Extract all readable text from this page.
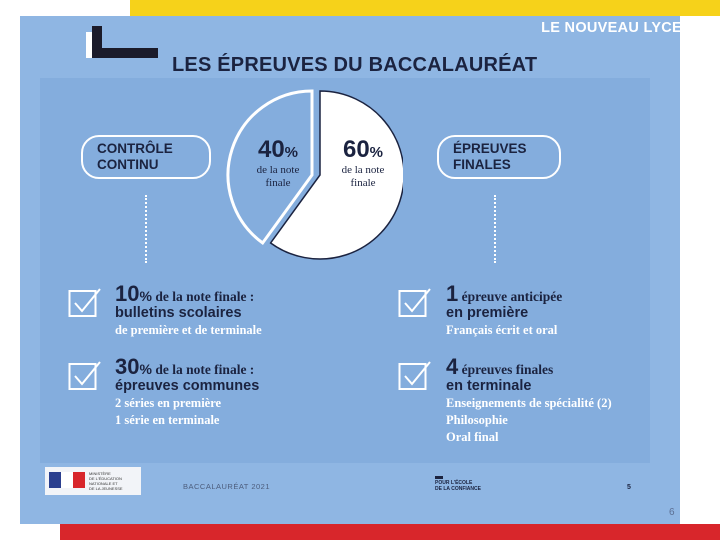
LE NOUVEAU LYCEE
LES ÉPREUVES DU BACCALAURÉAT
CONTRÔLE
CONTINU
ÉPREUVES
FINALES
40%
de la note
finale
60%
de la note
finale
10% de la note finale :
bulletins scolaires
de première et de terminale
30% de la note finale :
épreuves communes
2 séries en première
1 série en terminale
1 épreuve anticipée
en première
Français écrit et oral
4 épreuves finales
en terminale
Enseignements de spécialité (2)
Philosophie
Oral final
MINISTÈRE
DE L'ÉDUCATION
NATIONALE ET
DE LA JEUNESSE	BACCALAURÉAT 2021	POUR L'ÉCOLE
DE LA CONFIANCE	5
6
